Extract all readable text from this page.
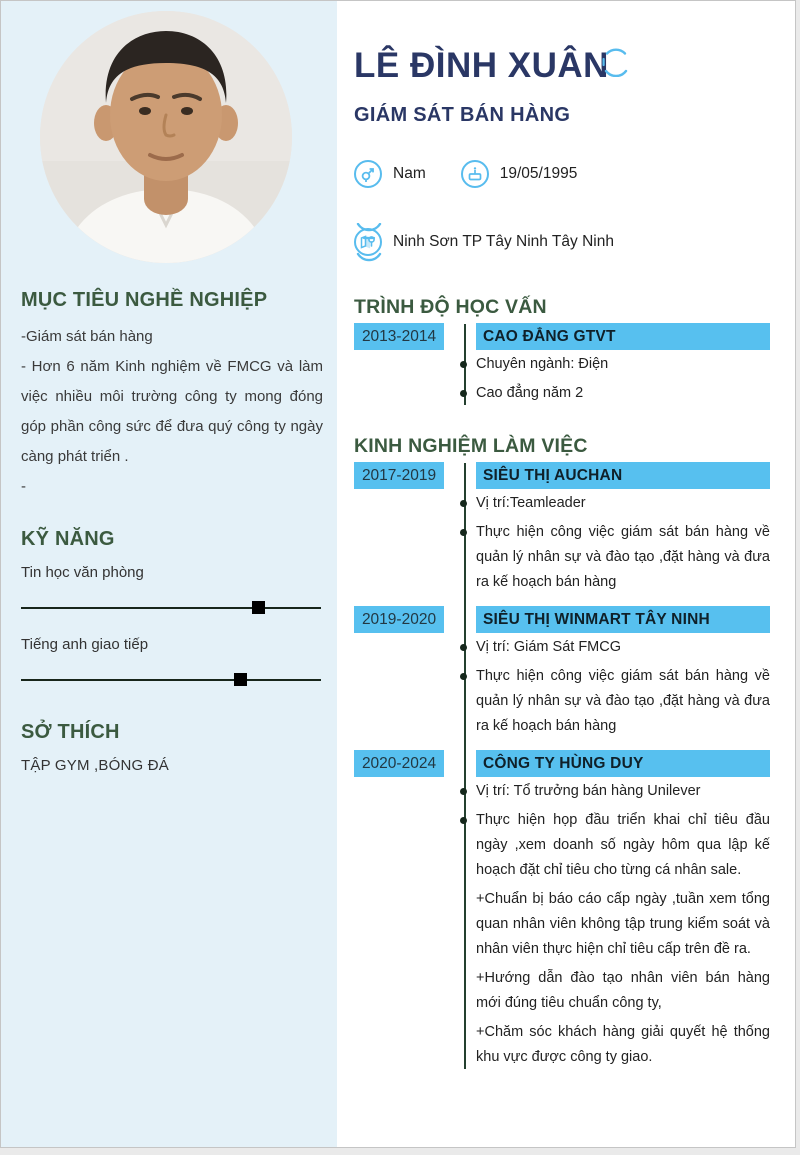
MỤC TIÊU NGHỀ NGHIỆP

-Giám sát bán hàng

- Hơn 6 năm Kinh nghiệm về FMCG và làm việc nhiều môi trường công ty mong đóng góp phần công sức để đưa quý công ty ngày càng phát triển .

-

KỸ NĂNG

Tin học văn phòng

Tiếng anh giao tiếp

SỞ THÍCH

TẬP GYM ,BÓNG ĐÁ

LÊ ĐÌNH XUÂN
GIÁM SÁT BÁN HÀNG
Nam	19/05/1995
Ninh Sơn TP Tây Ninh Tây Ninh
TRÌNH ĐỘ HỌC VẤN
2013-2014	CAO ĐẲNG GTVT

Chuyên ngành: Điện

Cao đẳng năm 2

KINH NGHIỆM LÀM VIỆC
2017-2019	SIÊU THỊ AUCHAN

Vị trí:Teamleader

Thực hiện công việc giám sát bán hàng về quản lý nhân sự và đào tạo ,đặt hàng và đưa ra kế hoạch bán hàng

2019-2020	SIÊU THỊ WINMART TÂY NINH

Vị trí: Giám Sát FMCG

Thực hiện công việc giám sát bán hàng về quản lý nhân sự và đào tạo ,đặt hàng và đưa ra kế hoạch bán hàng

2020-2024	CÔNG TY HÙNG DUY

Vị trí: Tổ trưởng bán hàng Unilever

Thực hiện họp đầu triển khai chỉ tiêu đầu ngày ,xem doanh số ngày hôm qua lập kế hoạch đặt chỉ tiêu cho từng cá nhân sale.

+Chuẩn bị báo cáo cấp ngày ,tuần xem tổng quan nhân viên không tập trung kiểm soát và nhân viên thực hiện chỉ tiêu cấp trên đề ra.

+Hướng dẫn đào tạo nhân viên bán hàng mới đúng tiêu chuẩn công ty,

+Chăm sóc khách hàng giải quyết hệ thống khu vực được công ty giao.
